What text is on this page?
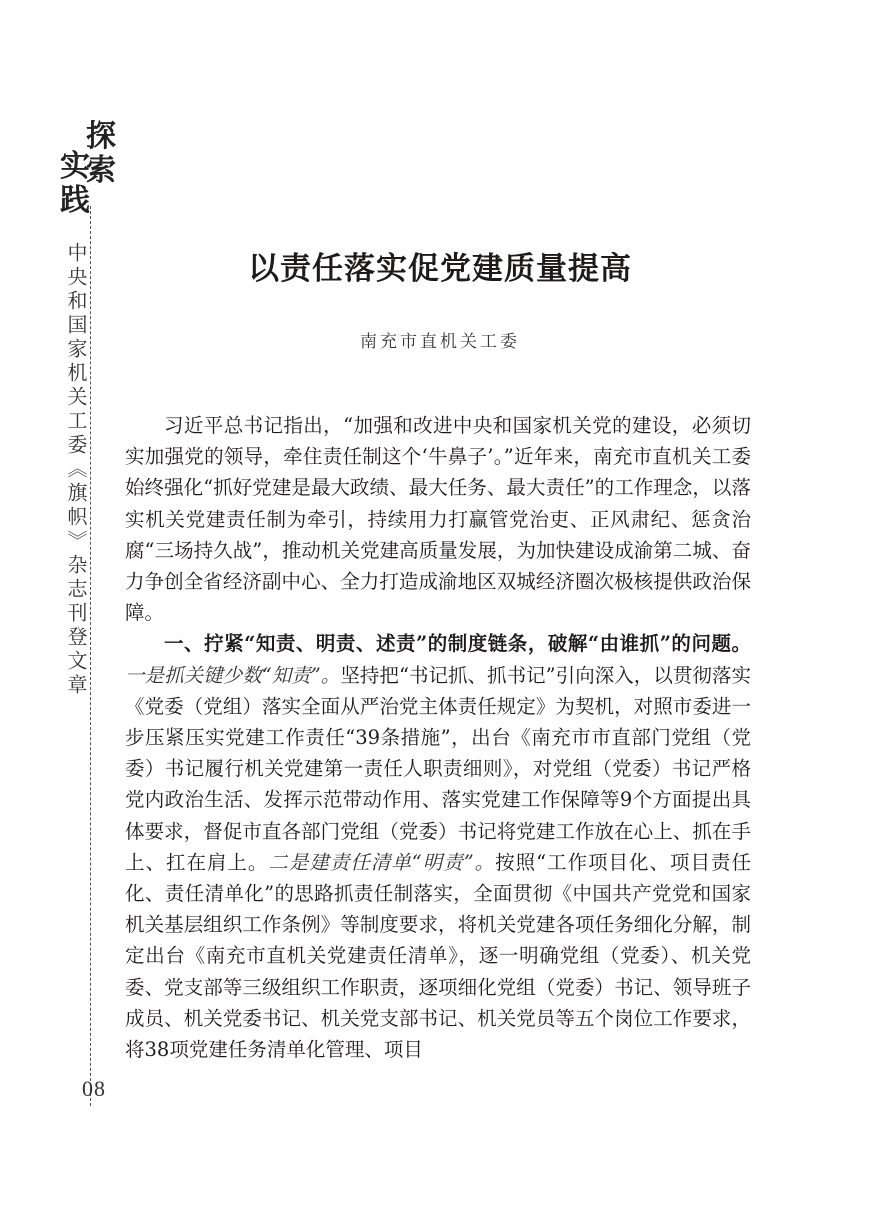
探
索
实
践
中央和国家机关工委《旗帜》杂志刊登文章
08
以责任落实促党建质量提高
南充市直机关工委

习近平总书记指出，“加强和改进中央和国家机关党的建设，必须切实加强党的领导，牵住责任制这个‘牛鼻子’。”近年来，南充市直机关工委始终强化“抓好党建是最大政绩、最大任务、最大责任”的工作理念，以落实机关党建责任制为牵引，持续用力打赢管党治吏、正风肃纪、惩贪治腐“三场持久战”，推动机关党建高质量发展，为加快建设成渝第二城、奋力争创全省经济副中心、全力打造成渝地区双城经济圈次极核提供政治保障。

一、拧紧“知责、明责、述责”的制度链条，破解“由谁抓”的问题。一是抓关键少数“知责”。坚持把“书记抓、抓书记”引向深入，以贯彻落实《党委（党组）落实全面从严治党主体责任规定》为契机，对照市委进一步压紧压实党建工作责任“39条措施”，出台《南充市市直部门党组（党委）书记履行机关党建第一责任人职责细则》，对党组（党委）书记严格党内政治生活、发挥示范带动作用、落实党建工作保障等9个方面提出具体要求，督促市直各部门党组（党委）书记将党建工作放在心上、抓在手上、扛在肩上。二是建责任清单“明责”。按照“工作项目化、项目责任化、责任清单化”的思路抓责任制落实，全面贯彻《中国共产党党和国家机关基层组织工作条例》等制度要求，将机关党建各项任务细化分解，制定出台《南充市直机关党建责任清单》，逐一明确党组（党委）、机关党委、党支部等三级组织工作职责，逐项细化党组（党委）书记、领导班子成员、机关党委书记、机关党支部书记、机关党员等五个岗位工作要求，将38项党建任务清单化管理、项目
